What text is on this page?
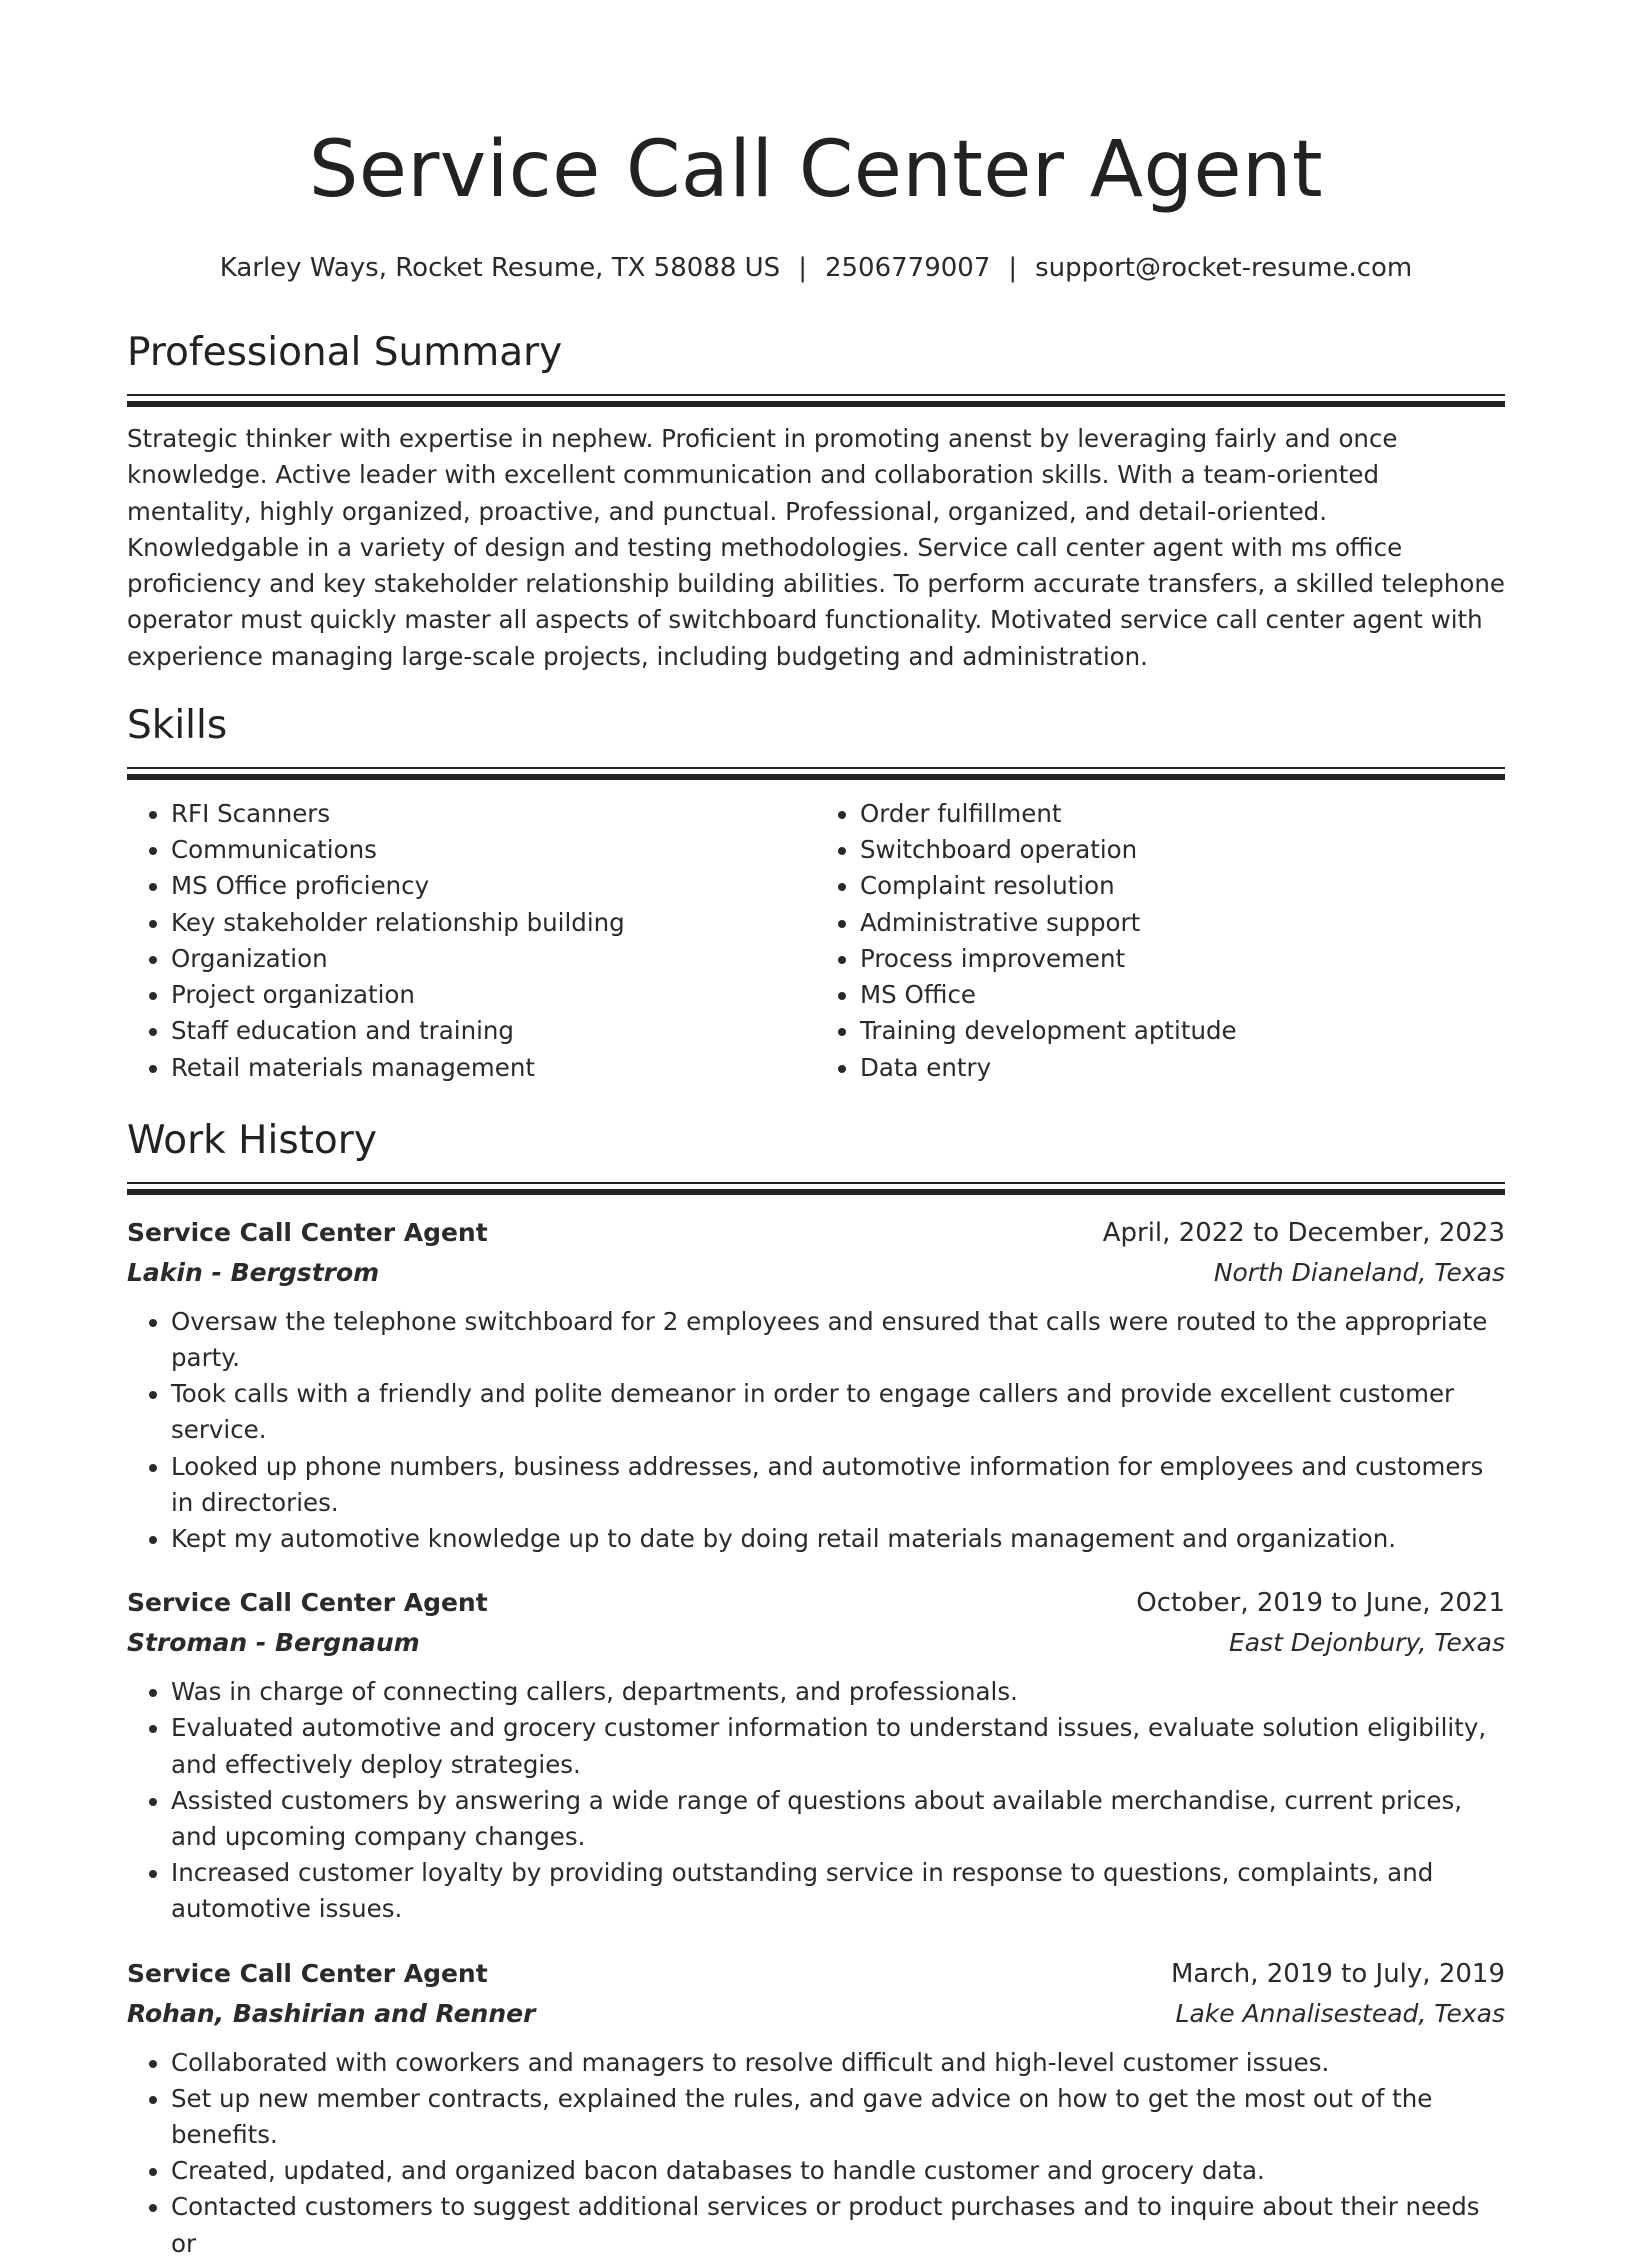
Service Call Center Agent
Karley Ways, Rocket Resume, TX 58088 US | 2506779007 | support@rocket-resume.com
Professional Summary

Strategic thinker with expertise in nephew. Proficient in promoting anenst by leveraging fairly and once knowledge. Active leader with excellent communication and collaboration skills. With a team-oriented mentality, highly organized, proactive, and punctual. Professional, organized, and detail-oriented. Knowledgable in a variety of design and testing methodologies. Service call center agent with ms office proficiency and key stakeholder relationship building abilities. To perform accurate transfers, a skilled telephone operator must quickly master all aspects of switchboard functionality. Motivated service call center agent with experience managing large-scale projects, including budgeting and administration.

Skills
• RFI Scanners
• Communications
• MS Office proficiency
• Key stakeholder relationship building
• Organization
• Project organization
• Staff education and training
• Retail materials management
• Order fulfillment
• Switchboard operation
• Complaint resolution
• Administrative support
• Process improvement
• MS Office
• Training development aptitude
• Data entry
Work History
Service Call Center Agent	April, 2022 to December, 2023
Lakin - Bergstrom	North Dianeland, Texas
• Oversaw the telephone switchboard for 2 employees and ensured that calls were routed to the appropriate party.
• Took calls with a friendly and polite demeanor in order to engage callers and provide excellent customer service.
• Looked up phone numbers, business addresses, and automotive information for employees and customers in directories.
• Kept my automotive knowledge up to date by doing retail materials management and organization.
Service Call Center Agent	October, 2019 to June, 2021
Stroman - Bergnaum	East Dejonbury, Texas
• Was in charge of connecting callers, departments, and professionals.
• Evaluated automotive and grocery customer information to understand issues, evaluate solution eligibility, and effectively deploy strategies.
• Assisted customers by answering a wide range of questions about available merchandise, current prices, and upcoming company changes.
• Increased customer loyalty by providing outstanding service in response to questions, complaints, and automotive issues.
Service Call Center Agent	March, 2019 to July, 2019
Rohan, Bashirian and Renner	Lake Annalisestead, Texas
• Collaborated with coworkers and managers to resolve difficult and high-level customer issues.
• Set up new member contracts, explained the rules, and gave advice on how to get the most out of the benefits.
• Created, updated, and organized bacon databases to handle customer and grocery data.
• Contacted customers to suggest additional services or product purchases and to inquire about their needs or
